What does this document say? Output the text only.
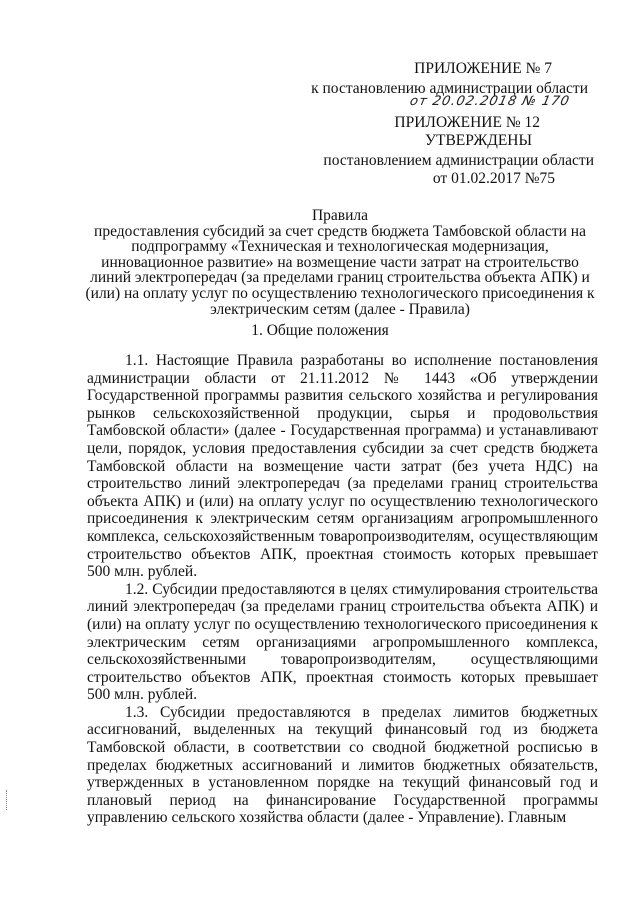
ПРИЛОЖЕНИЕ № 7
к постановлению администрации области
от 20.02.2018 № 170
ПРИЛОЖЕНИЕ № 12
УТВЕРЖДЕНЫ
постановлением администрации области
от 01.02.2017 №75
Правила
предоставления субсидий за счет средств бюджета Тамбовской области на
подпрограмму «Техническая и технологическая модернизация,
инновационное развитие» на возмещение части затрат на строительство
линий электропередач (за пределами границ строительства объекта АПК) и
(или) на оплату услуг по осуществлению технологического присоединения к
электрическим сетям (далее - Правила)
1. Общие положения
1.1. Настоящие Правила разработаны во исполнение постановления
администрации области от 21.11.2012 № 1443 «Об утверждении
Государственной программы развития сельского хозяйства и регулирования
рынков сельскохозяйственной продукции, сырья и продовольствия
Тамбовской области» (далее - Государственная программа) и устанавливают
цели, порядок, условия предоставления субсидии за счет средств бюджета
Тамбовской области на возмещение части затрат (без учета НДС) на
строительство линий электропередач (за пределами границ строительства
объекта АПК) и (или) на оплату услуг по осуществлению технологического
присоединения к электрическим сетям организациям агропромышленного
комплекса, сельскохозяйственным товаропроизводителям, осуществляющим
строительство объектов АПК, проектная стоимость которых превышает
500 млн. рублей.
1.2. Субсидии предоставляются в целях стимулирования строительства
линий электропередач (за пределами границ строительства объекта АПК) и
(или) на оплату услуг по осуществлению технологического присоединения к
электрическим сетям организациями агропромышленного комплекса,
сельскохозяйственными товаропроизводителям, осуществляющими
строительство объектов АПК, проектная стоимость которых превышает
500 млн. рублей.
1.3. Субсидии предоставляются в пределах лимитов бюджетных
ассигнований, выделенных на текущий финансовый год из бюджета
Тамбовской области, в соответствии со сводной бюджетной росписью в
пределах бюджетных ассигнований и лимитов бюджетных обязательств,
утвержденных в установленном порядке на текущий финансовый год и
плановый период на финансирование Государственной программы
управлению сельского хозяйства области (далее - Управление). Главным
